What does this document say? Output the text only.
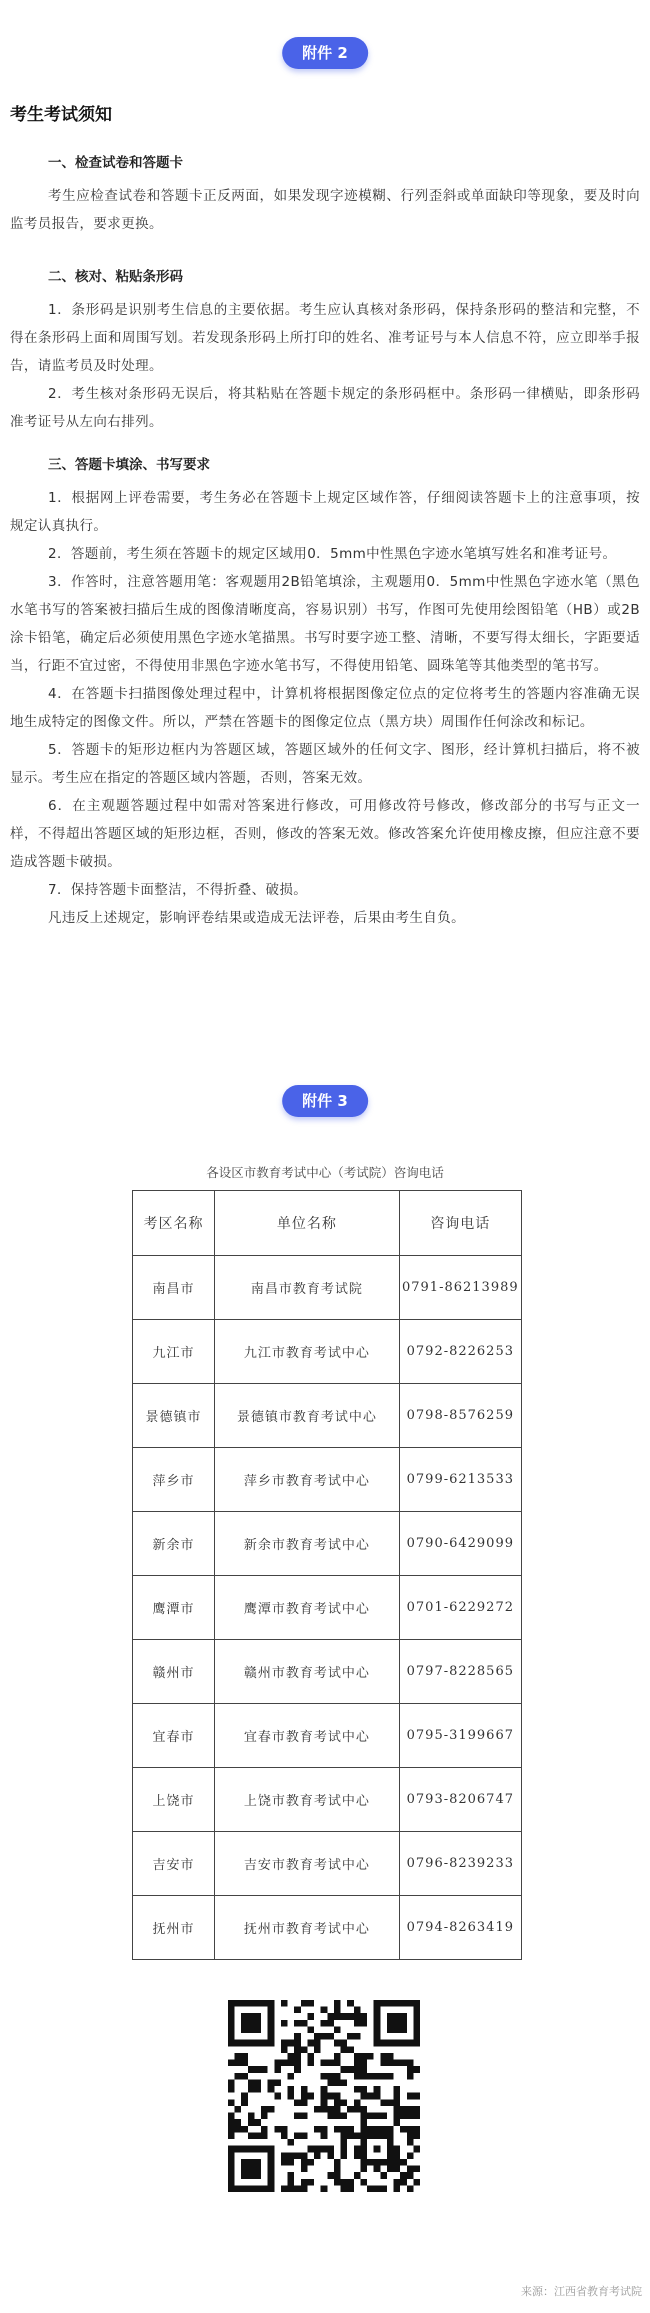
附件 2
考生考试须知
一、检查试卷和答题卡

考生应检查试卷和答题卡正反两面，如果发现字迹模糊、行列歪斜或单面缺印等现象，要及时向监考员报告，要求更换。

二、核对、粘贴条形码

1．条形码是识别考生信息的主要依据。考生应认真核对条形码，保持条形码的整洁和完整，不得在条形码上面和周围写划。若发现条形码上所打印的姓名、准考证号与本人信息不符，应立即举手报告，请监考员及时处理。

2．考生核对条形码无误后，将其粘贴在答题卡规定的条形码框中。条形码一律横贴，即条形码准考证号从左向右排列。

三、答题卡填涂、书写要求

1．根据网上评卷需要，考生务必在答题卡上规定区域作答，仔细阅读答题卡上的注意事项，按规定认真执行。

2．答题前，考生须在答题卡的规定区域用0．5mm中性黑色字迹水笔填写姓名和准考证号。

3．作答时，注意答题用笔：客观题用2B铅笔填涂，主观题用0．5mm中性黑色字迹水笔（黑色水笔书写的答案被扫描后生成的图像清晰度高，容易识别）书写，作图可先使用绘图铅笔（HB）或2B涂卡铅笔，确定后必须使用黑色字迹水笔描黑。书写时要字迹工整、清晰，不要写得太细长，字距要适当，行距不宜过密，不得使用非黑色字迹水笔书写，不得使用铅笔、圆珠笔等其他类型的笔书写。

4．在答题卡扫描图像处理过程中，计算机将根据图像定位点的定位将考生的答题内容准确无误地生成特定的图像文件。所以，严禁在答题卡的图像定位点（黑方块）周围作任何涂改和标记。

5．答题卡的矩形边框内为答题区域，答题区域外的任何文字、图形，经计算机扫描后，将不被显示。考生应在指定的答题区域内答题，否则，答案无效。

6．在主观题答题过程中如需对答案进行修改，可用修改符号修改，修改部分的书写与正文一样，不得超出答题区域的矩形边框，否则，修改的答案无效。修改答案允许使用橡皮擦，但应注意不要造成答题卡破损。

7．保持答题卡面整洁，不得折叠、破损。

凡违反上述规定，影响评卷结果或造成无法评卷，后果由考生自负。

附件 3
各设区市教育考试中心（考试院）咨询电话
考区名称	单位名称	咨询电话
南昌市	南昌市教育考试院	0791-86213989
九江市	九江市教育考试中心	0792-8226253
景德镇市	景德镇市教育考试中心	0798-8576259
萍乡市	萍乡市教育考试中心	0799-6213533
新余市	新余市教育考试中心	0790-6429099
鹰潭市	鹰潭市教育考试中心	0701-6229272
赣州市	赣州市教育考试中心	0797-8228565
宜春市	宜春市教育考试中心	0795-3199667
上饶市	上饶市教育考试中心	0793-8206747
吉安市	吉安市教育考试中心	0796-8239233
抚州市	抚州市教育考试中心	0794-8263419
来源：江西省教育考试院
